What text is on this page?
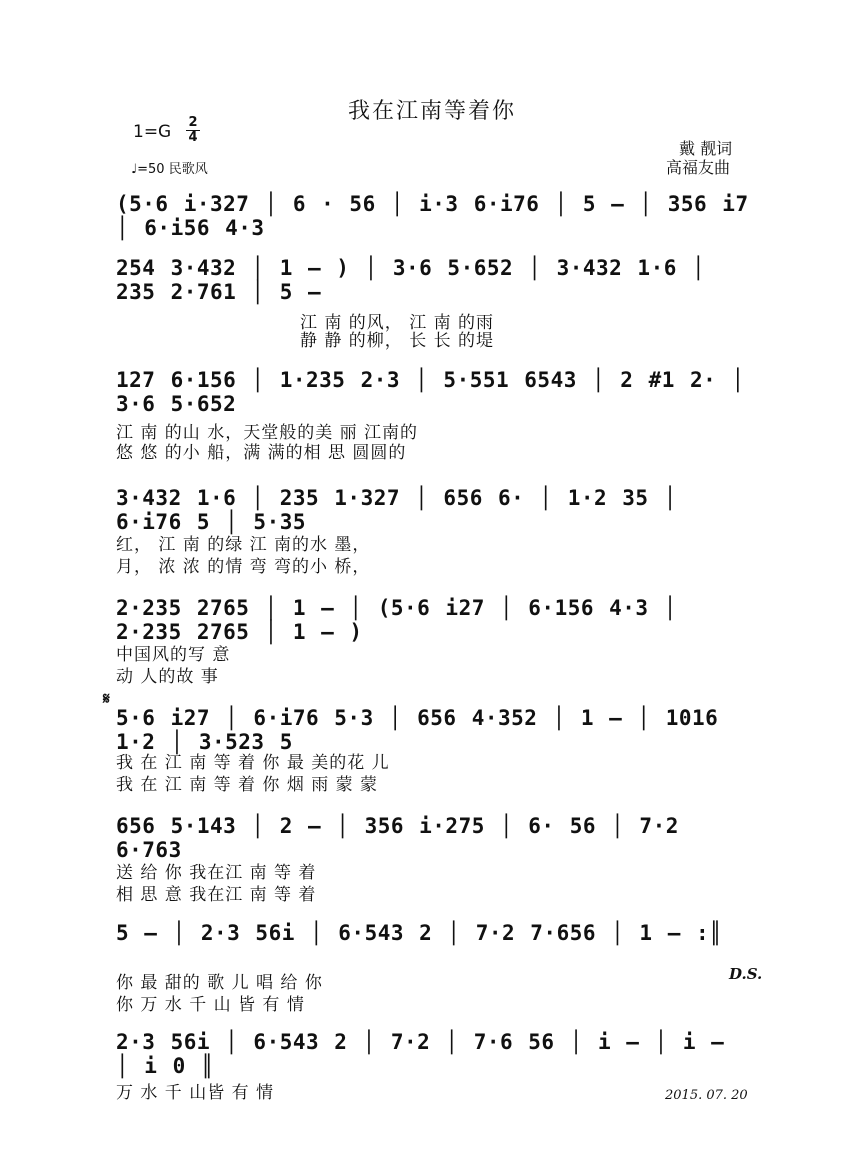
我在江南等着你
1=G 2
4
♩=50 民歌风
戴 靓词
高福友曲
(5·6 i·327 │ 6 · 56 │ i·3 6·i76 │ 5 – │ 356 i7 │ 6·i56 4·3
254 3·432 │ 1 – ) │ 3·6 5·652 │ 3·432 1·6 │ 235 2·761 │ 5 –
江 南 的风， 江 南 的雨
静 静 的柳， 长 长 的堤
127 6·156 │ 1·235 2·3 │ 5·551 6543 │ 2 #1 2· │ 3·6 5·652
江 南 的山 水，天堂般的美 丽 江南的
悠 悠 的小 船，满 满的相 思 圆圆的
3·432 1·6 │ 235 1·327 │ 656 6· │ 1·2 35 │ 6·i76 5 │ 5·35
红， 江 南 的绿 江 南的水 墨，
月， 浓 浓 的情 弯 弯的小 桥，
2·235 2765 │ 1 – │ (5·6 i27 │ 6·156 4·3 │ 2·235 2765 │ 1 – )
中国风的写 意
动 人的故 事
𝄋
5·6 i27 │ 6·i76 5·3 │ 656 4·352 │ 1 – │ 1016 1·2 │ 3·523 5
我 在 江 南 等 着 你 最 美的花 儿
我 在 江 南 等 着 你 烟 雨 蒙 蒙
656 5·143 │ 2 – │ 356 i·275 │ 6· 56 │ 7·2 6·763
送 给 你 我在江 南 等 着
相 思 意 我在江 南 等 着
5 – │ 2·3 56i │ 6·543 2 │ 7·2 7·656 │ 1 – :║
你 最 甜的 歌 儿 唱 给 你
你 万 水 千 山 皆 有 情
D.S.
2·3 56i │ 6·543 2 │ 7·2 │ 7·6 56 │ i – │ i – │ i 0 ║
万 水 千 山皆 有 情	2015. 07. 20
